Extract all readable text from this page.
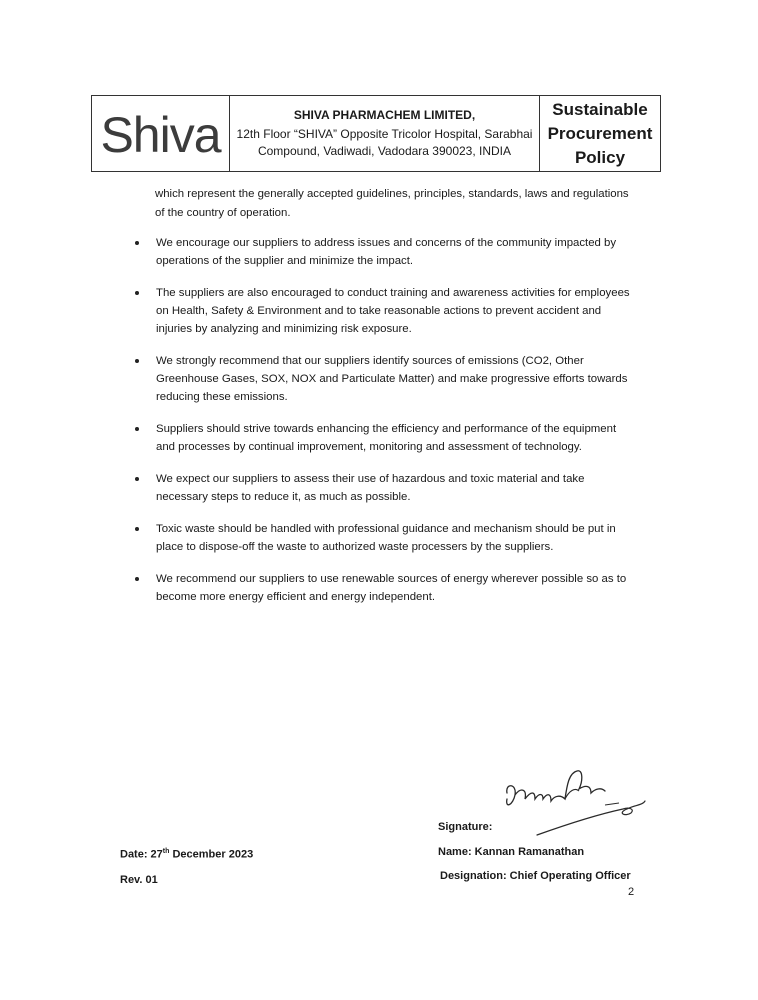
Shiva	SHIVA PHARMACHEM LIMITED,
12th Floor “SHIVA” Opposite Tricolor Hospital, Sarabhai
Compound, Vadiwadi, Vadodara 390023, INDIA
Sustainable
Procurement
Policy
which represent the generally accepted guidelines, principles, standards, laws and regulations of the country of operation.
We encourage our suppliers to address issues and concerns of the community impacted by operations of the supplier and minimize the impact.
The suppliers are also encouraged to conduct training and awareness activities for employees on Health, Safety & Environment and to take reasonable actions to prevent accident and injuries by analyzing and minimizing risk exposure.
We strongly recommend that our suppliers identify sources of emissions (CO2, Other Greenhouse Gases, SOX, NOX and Particulate Matter) and make progressive efforts towards reducing these emissions.
Suppliers should strive towards enhancing the efficiency and performance of the equipment and processes by continual improvement, monitoring and assessment of technology.
We expect our suppliers to assess their use of hazardous and toxic material and take necessary steps to reduce it, as much as possible.
Toxic waste should be handled with professional guidance and mechanism should be put in place to dispose-off the waste to authorized waste processers by the suppliers.
We recommend our suppliers to use renewable sources of energy wherever possible so as to become more energy efficient and energy independent.
Signature:
Date: 27th December 2023
Rev. 01
Name: Kannan Ramanathan
Designation: Chief Operating Officer
2
